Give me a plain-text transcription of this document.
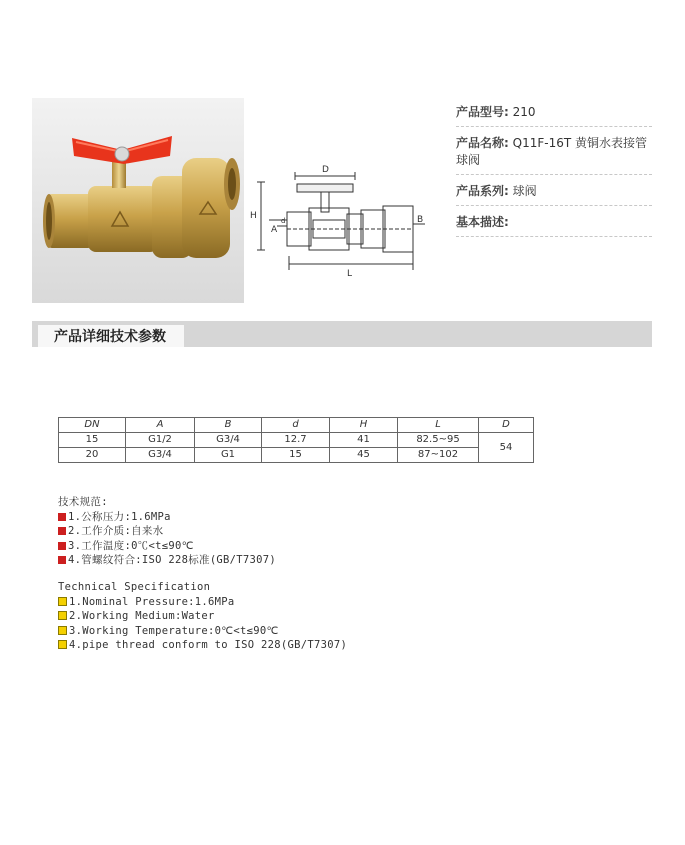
D
H
A
d	B
L
产品型号: 210
产品名称: Q11F-16T 黄铜水表接管球阀
产品系列: 球阀
基本描述:
产品详细技术参数
DN	A	B	d	H	L	D
15	G1/2	G3/4	12.7	41	82.5~95	54
20	G3/4	G1	15	45	87~102	
技术规范:
1.公称压力:1.6MPa
2.工作介质:自来水
3.工作温度:0℃<t≤90℃
4.管螺纹符合:ISO 228标准(GB/T7307)
Technical Specification
1.Nominal Pressure:1.6MPa
2.Working Medium:Water
3.Working Temperature:0℃<t≤90℃
4.pipe thread conform to ISO 228(GB/T7307)
